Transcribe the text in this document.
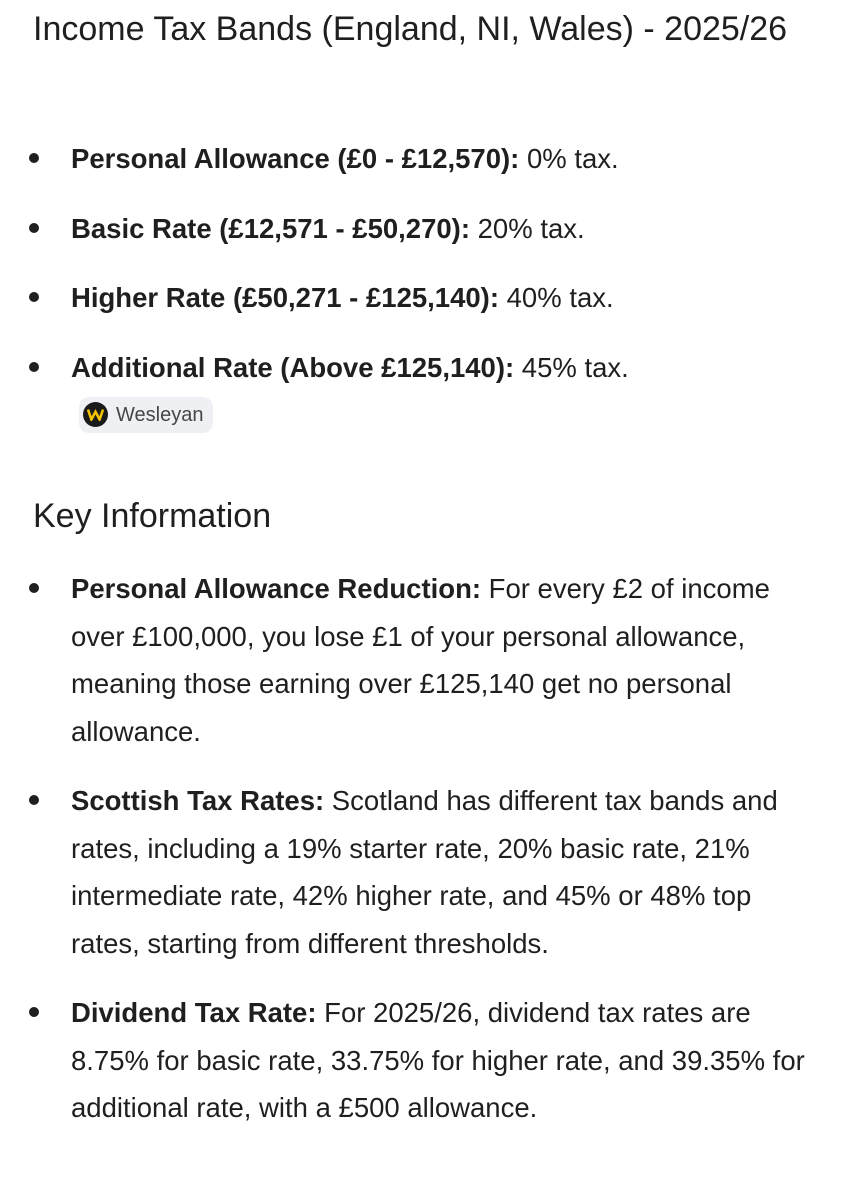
Income Tax Bands (England, NI, Wales) - 2025/26
Personal Allowance (£0 - £12,570): 0% tax.
Basic Rate (£12,571 - £50,270): 20% tax.
Higher Rate (£50,271 - £125,140): 40% tax.
Additional Rate (Above £125,140): 45% tax.
Wesleyan
Key Information
Personal Allowance Reduction: For every £2 of income over £100,000, you lose £1 of your personal allowance, meaning those earning over £125,140 get no personal allowance.
Scottish Tax Rates: Scotland has different tax bands and rates, including a 19% starter rate, 20% basic rate, 21% intermediate rate, 42% higher rate, and 45% or 48% top rates, starting from different thresholds.
Dividend Tax Rate: For 2025/26, dividend tax rates are 8.75% for basic rate, 33.75% for higher rate, and 39.35% for additional rate, with a £500 allowance.
